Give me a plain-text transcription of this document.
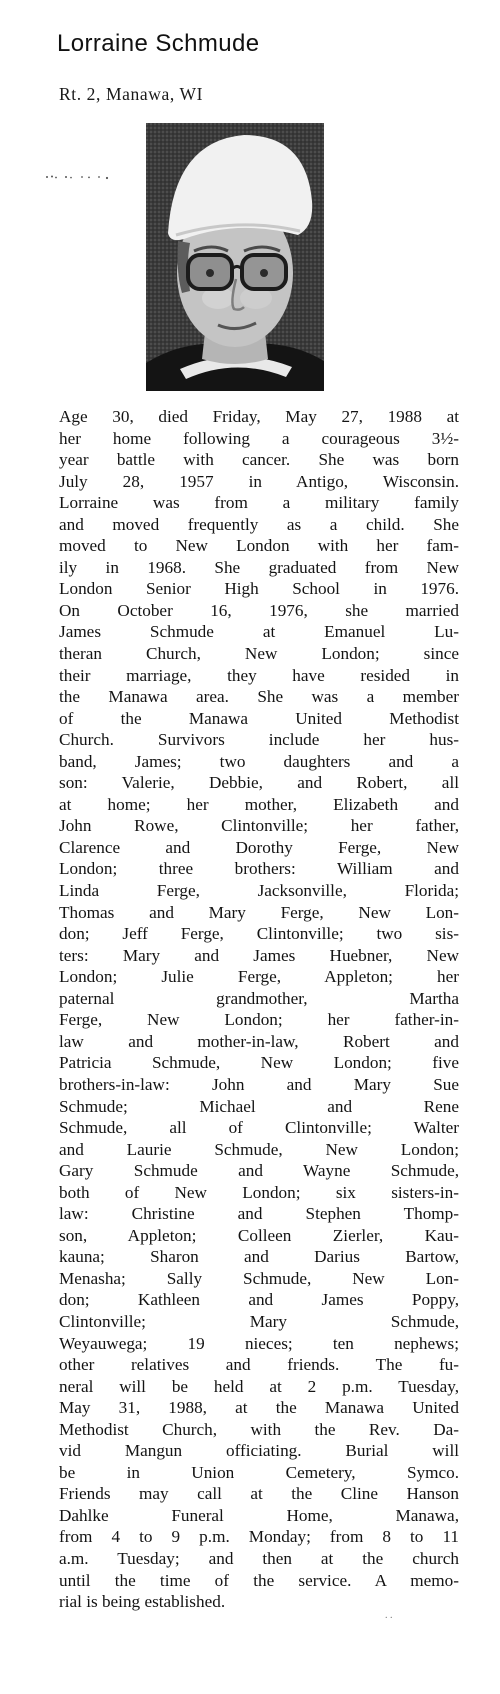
Lorraine Schmude
Rt. 2, Manawa, WI
Age 30, died Friday, May 27, 1988 at
her home following a courageous 3½-
year battle with cancer. She was born
July 28, 1957 in Antigo, Wisconsin.
Lorraine was from a military family
and moved frequently as a child. She
moved to New London with her fam-
ily in 1968. She graduated from New
London Senior High School in 1976.
On October 16, 1976, she married
James Schmude at Emanuel Lu-
theran Church, New London; since
their marriage, they have resided in
the Manawa area. She was a member
of the Manawa United Methodist
Church. Survivors include her hus-
band, James; two daughters and a
son: Valerie, Debbie, and Robert, all
at home; her mother, Elizabeth and
John Rowe, Clintonville; her father,
Clarence and Dorothy Ferge, New
London; three brothers: William and
Linda Ferge, Jacksonville, Florida;
Thomas and Mary Ferge, New Lon-
don; Jeff Ferge, Clintonville; two sis-
ters: Mary and James Huebner, New
London; Julie Ferge, Appleton; her
paternal grandmother, Martha
Ferge, New London; her father-in-
law and mother-in-law, Robert and
Patricia Schmude, New London; five
brothers-in-law: John and Mary Sue
Schmude; Michael and Rene
Schmude, all of Clintonville; Walter
and Laurie Schmude, New London;
Gary Schmude and Wayne Schmude,
both of New London; six sisters-in-
law: Christine and Stephen Thomp-
son, Appleton; Colleen Zierler, Kau-
kauna; Sharon and Darius Bartow,
Menasha; Sally Schmude, New Lon-
don; Kathleen and James Poppy,
Clintonville; Mary Schmude,
Weyauwega; 19 nieces; ten nephews;
other relatives and friends. The fu-
neral will be held at 2 p.m. Tuesday,
May 31, 1988, at the Manawa United
Methodist Church, with the Rev. Da-
vid Mangun officiating. Burial will
be in Union Cemetery, Symco.
Friends may call at the Cline Hanson
Dahlke Funeral Home, Manawa,
from 4 to 9 p.m. Monday; from 8 to 11
a.m. Tuesday; and then at the church
until the time of the service. A memo-
rial is being established.
. .
